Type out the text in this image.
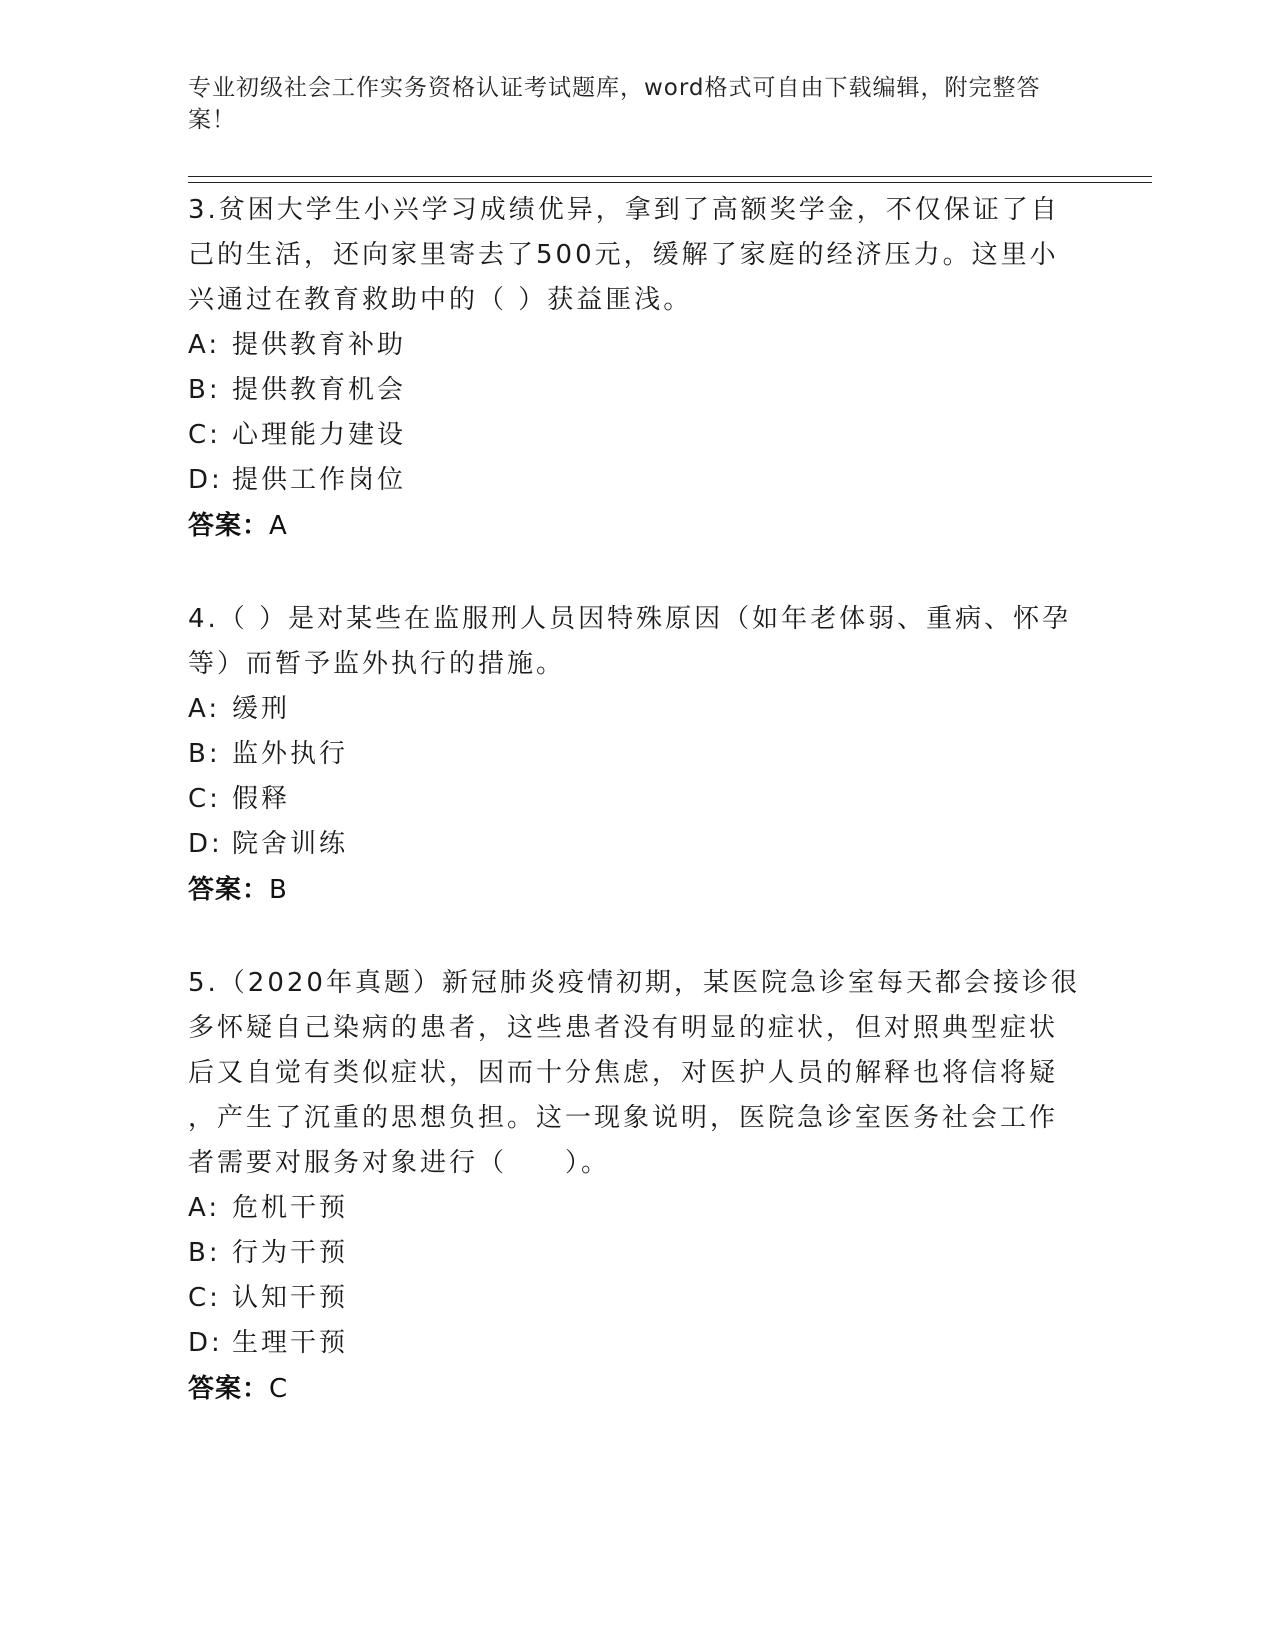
专业初级社会工作实务资格认证考试题库，word格式可自由下载编辑，附完整答
案！
3.贫困大学生小兴学习成绩优异，拿到了高额奖学金，不仅保证了自
己的生活，还向家里寄去了500元，缓解了家庭的经济压力。这里小
兴通过在教育救助中的（ ）获益匪浅。
A: 提供教育补助
B: 提供教育机会
C: 心理能力建设
D: 提供工作岗位
答案：A
4.（ ）是对某些在监服刑人员因特殊原因（如年老体弱、重病、怀孕
等）而暂予监外执行的措施。
A: 缓刑
B: 监外执行
C: 假释
D: 院舍训练
答案：B
5.（2020年真题）新冠肺炎疫情初期，某医院急诊室每天都会接诊很
多怀疑自己染病的患者，这些患者没有明显的症状，但对照典型症状
后又自觉有类似症状，因而十分焦虑，对医护人员的解释也将信将疑
，产生了沉重的思想负担。这一现象说明，医院急诊室医务社会工作
者需要对服务对象进行（　　）。
A: 危机干预
B: 行为干预
C: 认知干预
D: 生理干预
答案：C
